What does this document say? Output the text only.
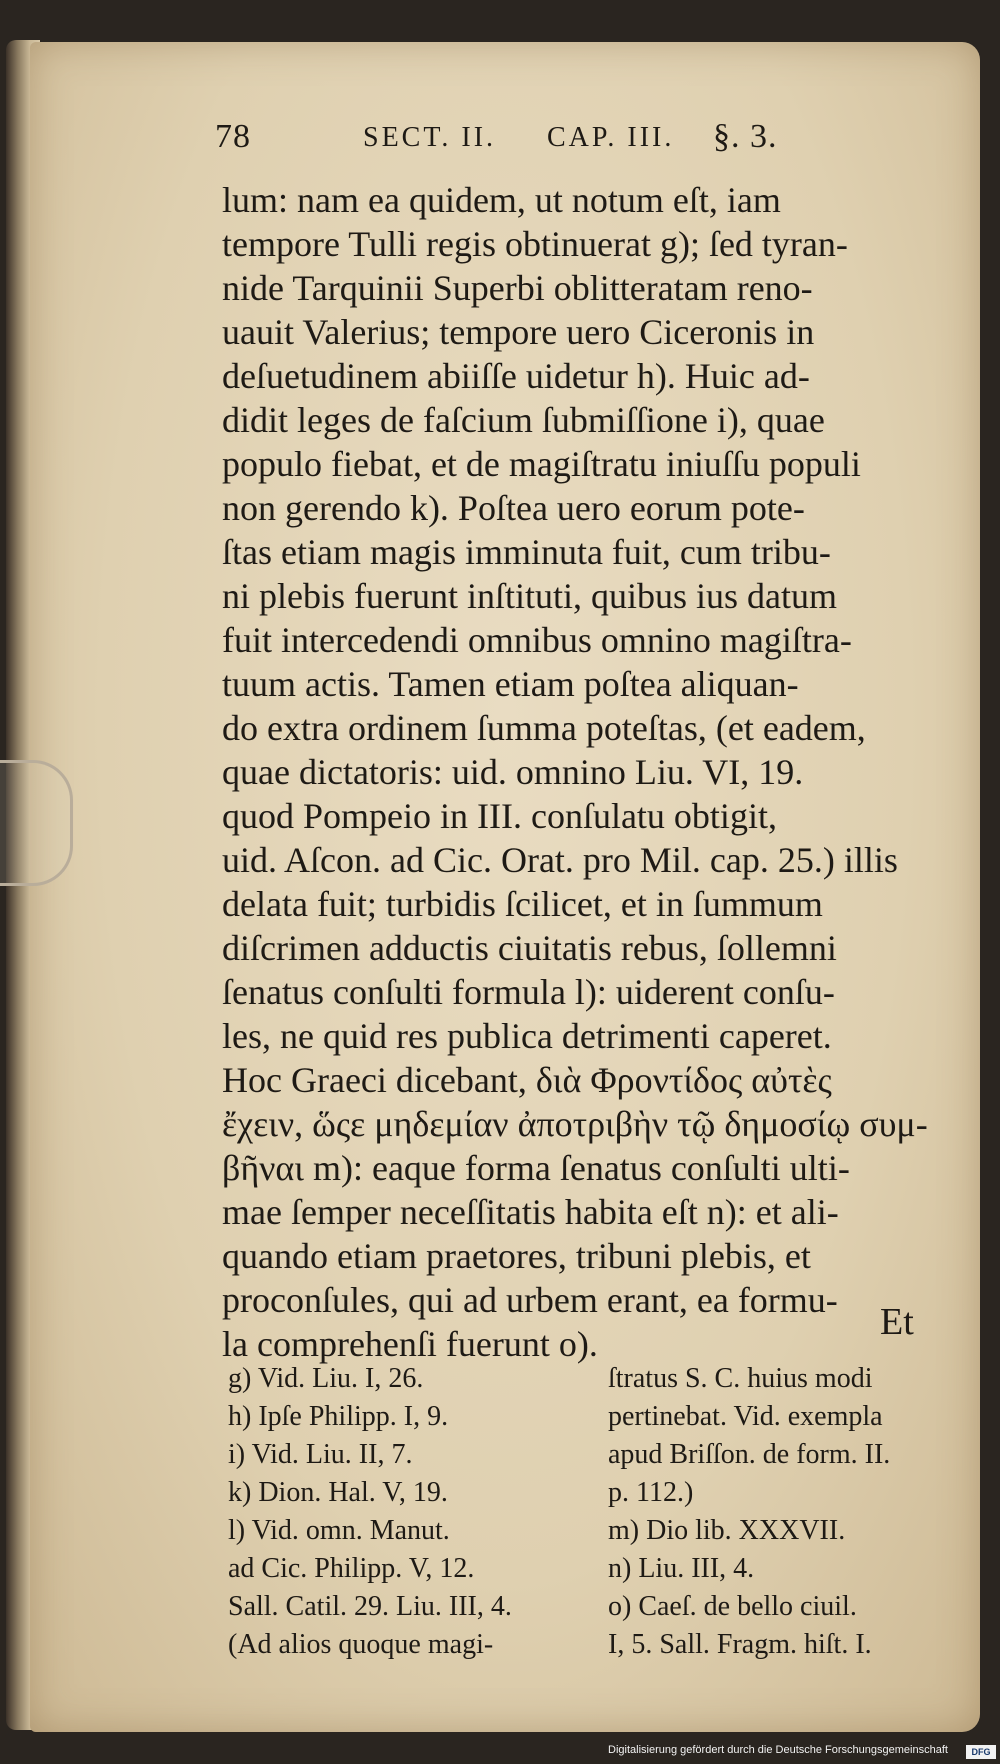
78	SECT. II. CAP. III. §. 3.
lum: nam ea quidem, ut notum eſt, iam
tempore Tulli regis obtinuerat g); ſed tyran-
nide Tarquinii Superbi oblitteratam reno-
uauit Valerius; tempore uero Ciceronis in
deſuetudinem abiiſſe uidetur h). Huic ad-
didit leges de faſcium ſubmiſſione i), quae
populo fiebat, et de magiſtratu iniuſſu populi
non gerendo k). Poſtea uero eorum pote-
ſtas etiam magis imminuta fuit, cum tribu-
ni plebis fuerunt inſtituti, quibus ius datum
fuit intercedendi omnibus omnino magiſtra-
tuum actis. Tamen etiam poſtea aliquan-
do extra ordinem ſumma poteſtas, (et eadem,
quae dictatoris: uid. omnino Liu. VI, 19.
quod Pompeio in III. conſulatu obtigit,
uid. Aſcon. ad Cic. Orat. pro Mil. cap. 25.) illis
delata fuit; turbidis ſcilicet, et in ſummum
diſcrimen adductis ciuitatis rebus, ſollemni
ſenatus conſulti formula l): uiderent conſu-
les, ne quid res publica detrimenti caperet.
Hoc Graeci dicebant, διὰ Φροντίδος αὐτὲς
ἔχειν, ὥςε μηδεμίαν ἀποτριβὴν τῷ δημοσίῳ συμ-
βῆναι m): eaque forma ſenatus conſulti ulti-
mae ſemper neceſſitatis habita eſt n): et ali-
quando etiam praetores, tribuni plebis, et
proconſules, qui ad urbem erant, ea formu-
la comprehenſi fuerunt o).
Et
g) Vid. Liu. I, 26.
h) Ipſe Philipp. I, 9.
i) Vid. Liu. II, 7.
k) Dion. Hal. V, 19.
l) Vid. omn. Manut.
ad Cic. Philipp. V, 12.
Sall. Catil. 29. Liu. III, 4.
(Ad alios quoque magi-
ſtratus S. C. huius modi
pertinebat. Vid. exempla
apud Briſſon. de form. II.
p. 112.)
m) Dio lib. XXXVII.
n) Liu. III, 4.
o) Caeſ. de bello ciuil.
I, 5. Sall. Fragm. hiſt. I.
Digitalisierung gefördert durch die Deutsche Forschungsgemeinschaft	DFG
